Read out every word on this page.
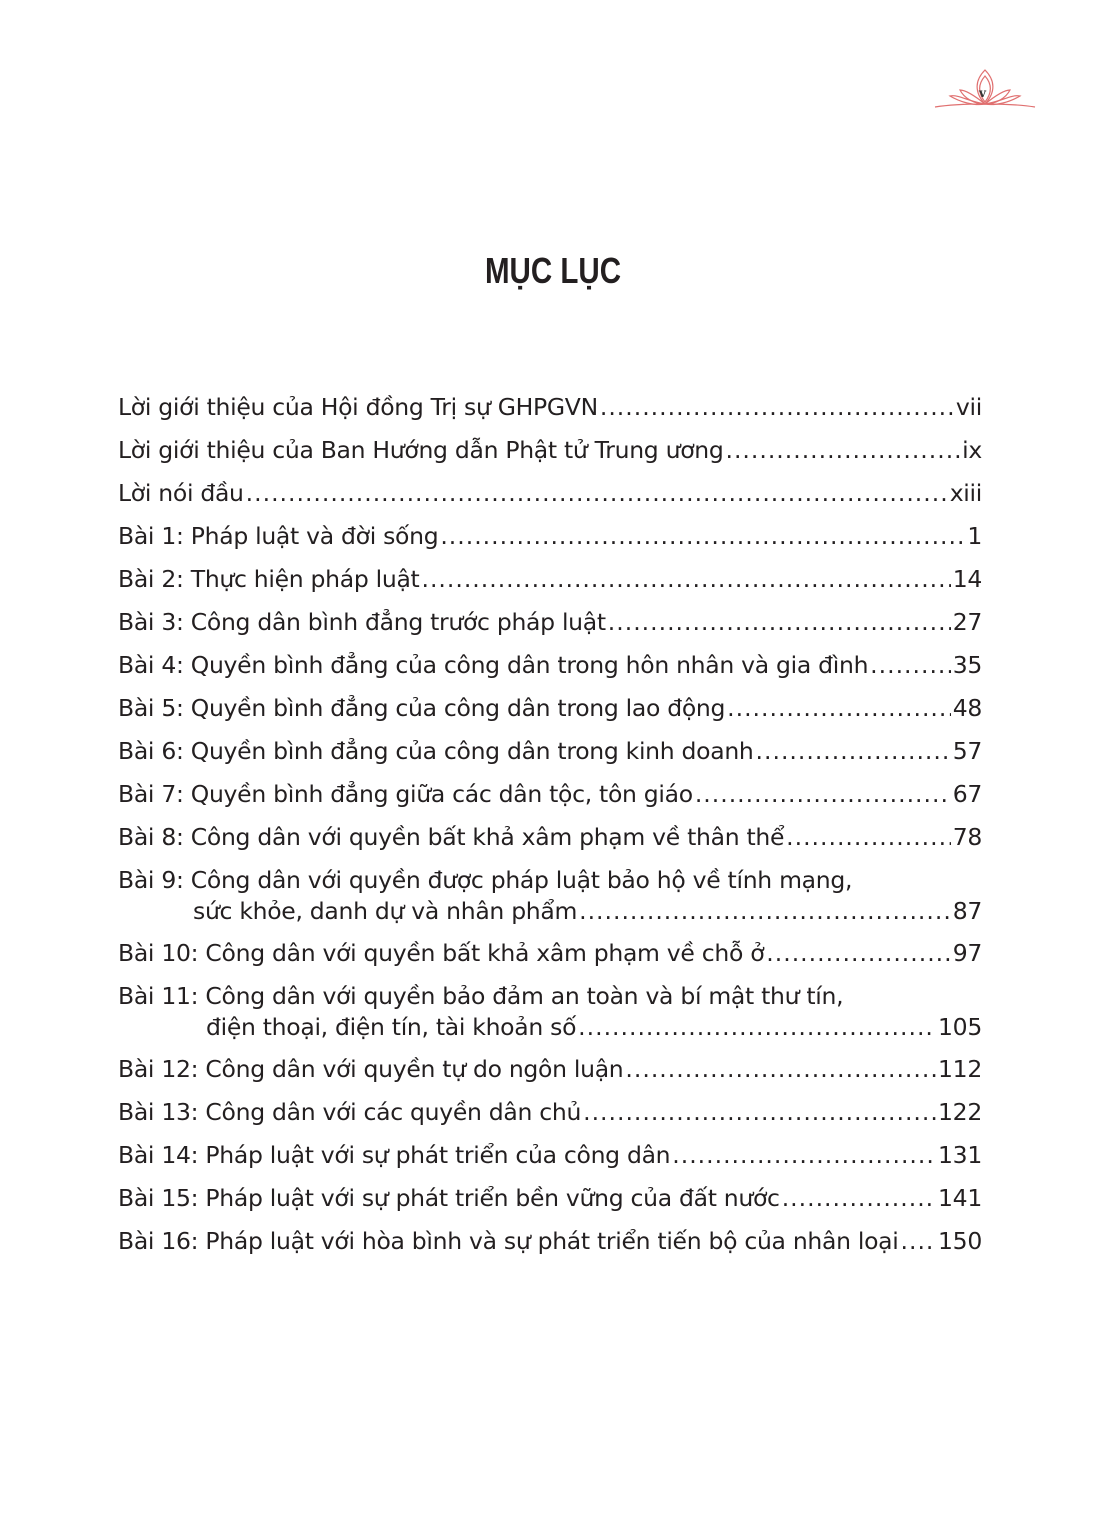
v
MỤC LỤC
Lời giới thiệu của Hội đồng Trị sự GHPGVN .....	vii
Lời giới thiệu của Ban Hướng dẫn Phật tử Trung ương .....	ix
Lời nói đầu .....	xiii
Bài 1: Pháp luật và đời sống .....	1
Bài 2: Thực hiện pháp luật .....	14
Bài 3: Công dân bình đẳng trước pháp luật .....	27
Bài 4: Quyền bình đẳng của công dân trong hôn nhân và gia đình .....	35
Bài 5: Quyền bình đẳng của công dân trong lao động .....	48
Bài 6: Quyền bình đẳng của công dân trong kinh doanh .....	57
Bài 7: Quyền bình đẳng giữa các dân tộc, tôn giáo .....	67
Bài 8: Công dân với quyền bất khả xâm phạm về thân thể .....	78
Bài 9: Công dân với quyền được pháp luật bảo hộ về tính mạng,
sức khỏe, danh dự và nhân phẩm .....	87
Bài 10: Công dân với quyền bất khả xâm phạm về chỗ ở .....	97
Bài 11: Công dân với quyền bảo đảm an toàn và bí mật thư tín,
điện thoại, điện tín, tài khoản số .....	105
Bài 12: Công dân với quyền tự do ngôn luận .....	112
Bài 13: Công dân với các quyền dân chủ .....	122
Bài 14: Pháp luật với sự phát triển của công dân .....	131
Bài 15: Pháp luật với sự phát triển bền vững của đất nước .....	141
Bài 16: Pháp luật với hòa bình và sự phát triển tiến bộ của nhân loại ..... 150
